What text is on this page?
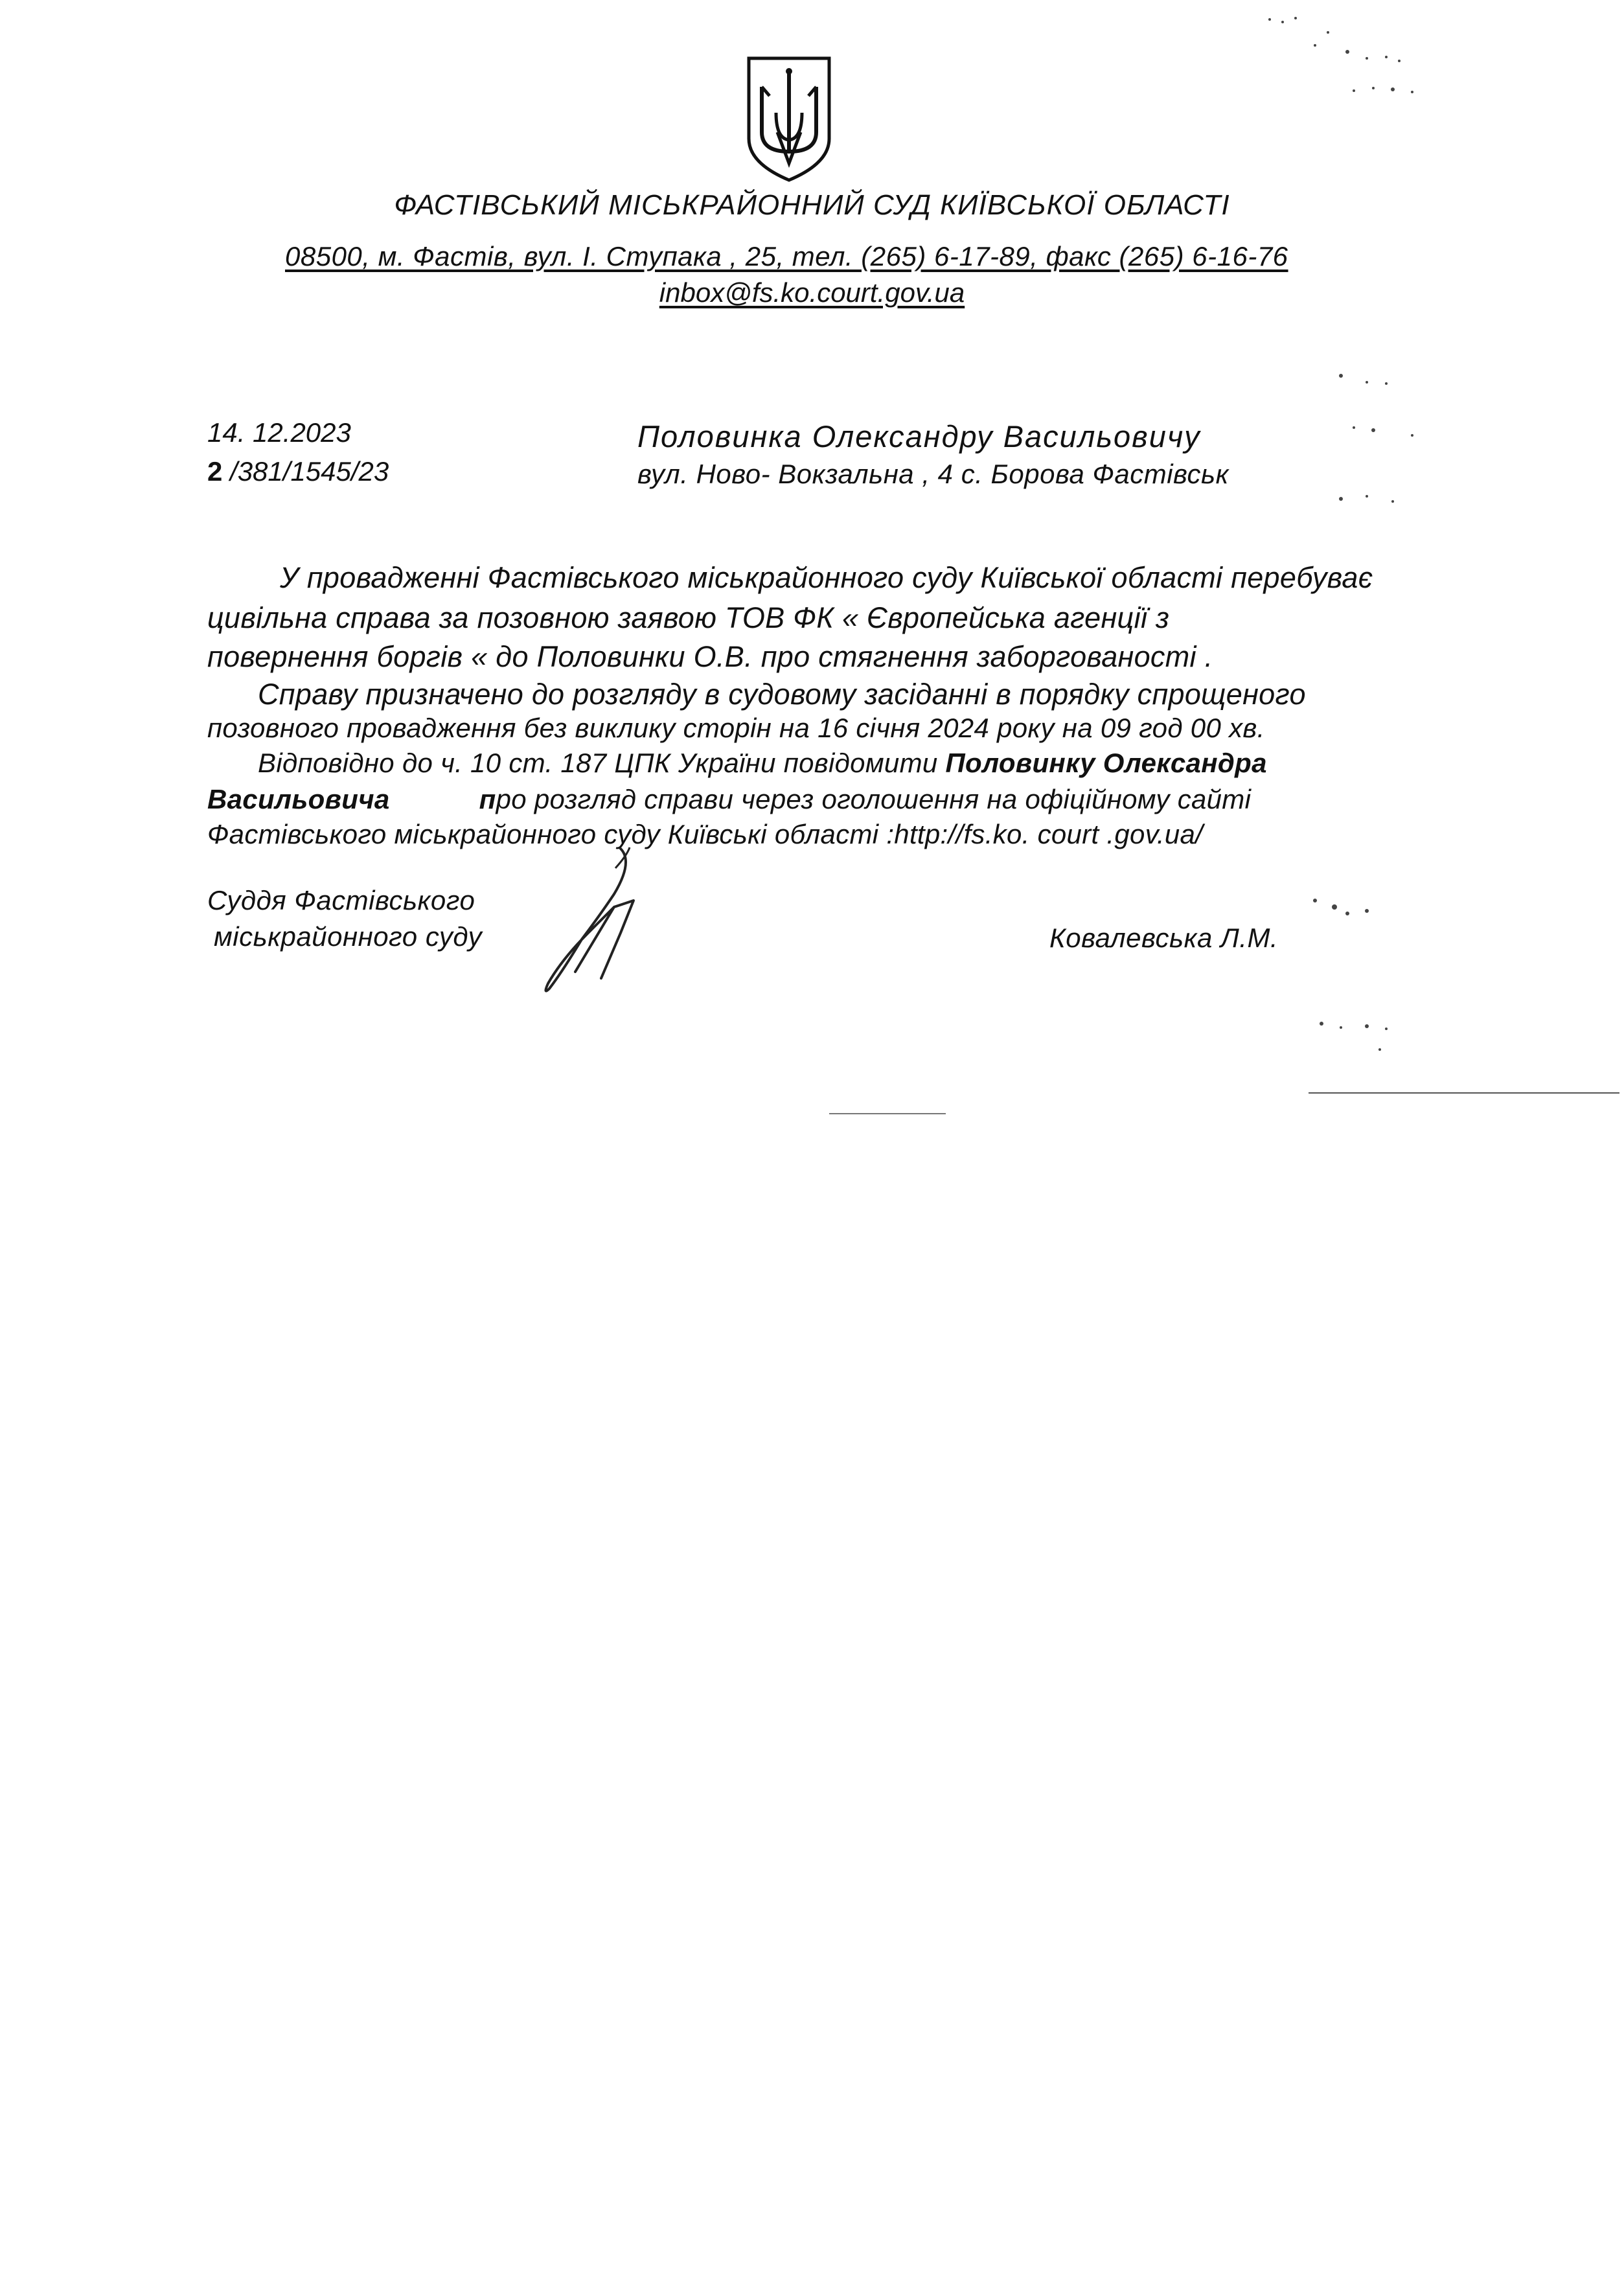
ФАСТІВСЬКИЙ МІСЬКРАЙОННИЙ СУД КИЇВСЬКОЇ ОБЛАСТІ
08500, м. Фастів, вул. І. Ступака , 25, тел. (265) 6-17-89, факс (265) 6-16-76
inbox@fs.ko.court.gov.ua
14. 12.2023
2 /381/1545/23
Половинка Олександру Васильовичу
вул. Ново- Вокзальна , 4 с. Борова Фастівськ
У провадженні Фастівського міськрайонного суду Київської області перебуває
цивільна справа за позовною заявою ТОВ ФК « Європейська агенції з
повернення боргів « до Половинки О.В. про стягнення заборгованості .
Справу призначено до розгляду в судовому засіданні в порядку спрощеного
позовного провадження без виклику сторін на 16 січня 2024 року на 09 год 00 хв.
Відповідно до ч. 10 ст. 187 ЦПК України повідомити Половинку Олександра
Васильовича	про розгляд справи через оголошення на офіційному сайті
Фастівського міськрайонного суду Київські області :http://fs.ko. court .gov.ua/
Суддя Фастівського
міськрайонного суду	Ковалевська Л.М.
